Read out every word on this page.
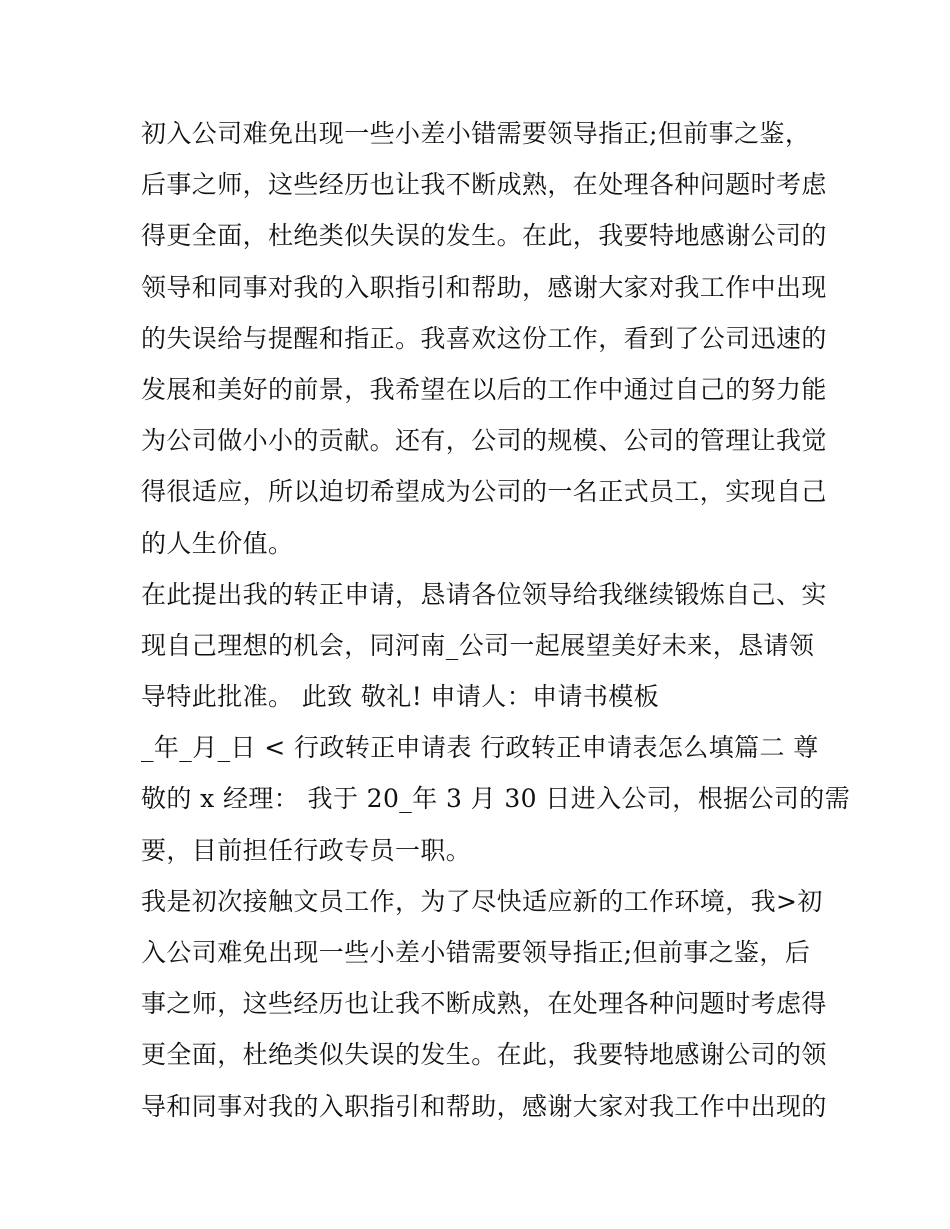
初入公司难免出现一些小差小错需要领导指正;但前事之鉴，
后事之师，这些经历也让我不断成熟，在处理各种问题时考虑
得更全面，杜绝类似失误的发生。在此，我要特地感谢公司的
领导和同事对我的入职指引和帮助，感谢大家对我工作中出现
的失误给与提醒和指正。我喜欢这份工作，看到了公司迅速的
发展和美好的前景，我希望在以后的工作中通过自己的努力能
为公司做小小的贡献。还有，公司的规模、公司的管理让我觉
得很适应，所以迫切希望成为公司的一名正式员工，实现自己
的人生价值。
在此提出我的转正申请，恳请各位领导给我继续锻炼自己、实
现自己理想的机会，同河南_公司一起展望美好未来，恳请领
导特此批准。 此致 敬礼! 申请人：申请书模板
_年_月_日 < 行政转正申请表 行政转正申请表怎么填篇二 尊
敬的 x 经理： 我于 20_年 3 月 30 日进入公司，根据公司的需
要，目前担任行政专员一职。
我是初次接触文员工作，为了尽快适应新的工作环境，我>初
入公司难免出现一些小差小错需要领导指正;但前事之鉴，后
事之师，这些经历也让我不断成熟，在处理各种问题时考虑得
更全面，杜绝类似失误的发生。在此，我要特地感谢公司的领
导和同事对我的入职指引和帮助，感谢大家对我工作中出现的
